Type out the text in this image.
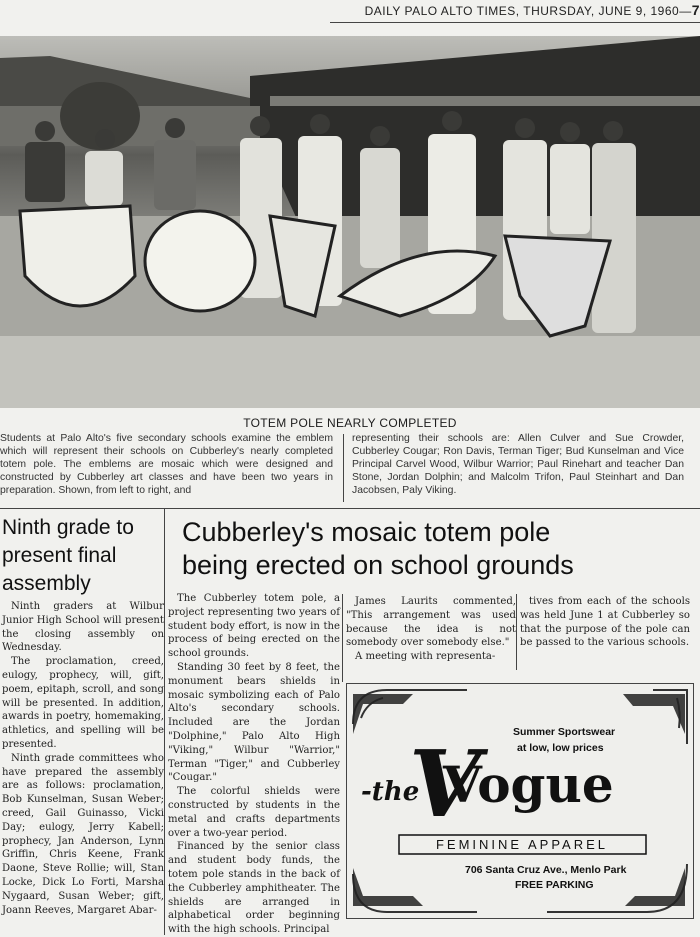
DAILY PALO ALTO TIMES, THURSDAY, JUNE 9, 1960—7
TOTEM POLE NEARLY COMPLETED
Students at Palo Alto's five secondary schools examine the emblem which will represent their schools on Cubberley's nearly completed totem pole. The emblems are mosaic which were designed and constructed by Cubberley art classes and have been two years in preparation. Shown, from left to right, and
representing their schools are: Allen Culver and Sue Crowder, Cubberley Cougar; Ron Davis, Terman Tiger; Bud Kunselman and Vice Principal Carvel Wood, Wilbur Warrior; Paul Rinehart and teacher Dan Stone, Jordan Dolphin; and Malcolm Trifon, Paul Steinhart and Dan Jacobsen, Paly Viking.
Ninth grade to present final assembly

Ninth graders at Wilbur Junior High School will present the closing assembly on Wednesday.

The proclamation, creed, eulogy, prophecy, will, gift, poem, epitaph, scroll, and song will be presented. In addition, awards in poetry, homemaking, athletics, and spelling will be presented.

Ninth grade committees who have prepared the assembly are as follows: proclamation, Bob Kunselman, Susan Weber; creed, Gail Guinasso, Vicki Day; eulogy, Jerry Kabell; prophecy, Jan Anderson, Lynn Griffin, Chris Keene, Frank Daone, Steve Rollie; will, Stan Locke, Dick Lo Forti, Marsha Nygaard, Susan Weber; gift, Joann Reeves, Margaret Abar-

Cubberley's mosaic totem pole being erected on school grounds

The Cubberley totem pole, a project representing two years of student body effort, is now in the process of being erected on the school grounds.

Standing 30 feet by 8 feet, the monument bears shields in mosaic symbolizing each of Palo Alto's secondary schools. Included are the Jordan "Dolphine," Palo Alto High "Viking," Wilbur "Warrior," Terman "Tiger," and Cubberley "Cougar."

The colorful shields were constructed by students in the metal and crafts departments over a two-year period.

Financed by the senior class and student body funds, the totem pole stands in the back of the Cubberley amphitheater. The shields are arranged in alphabetical order beginning with the high schools. Principal

James Laurits commented, "This arrangement was used because the idea is not somebody over somebody else."

A meeting with representa-

tives from each of the schools was held June 1 at Cubberley so that the purpose of the pole can be passed to the various schools.

-the
V
Vogue
Summer Sportswear
at low, low prices
FEMININE APPAREL
706 Santa Cruz Ave., Menlo Park
FREE PARKING
